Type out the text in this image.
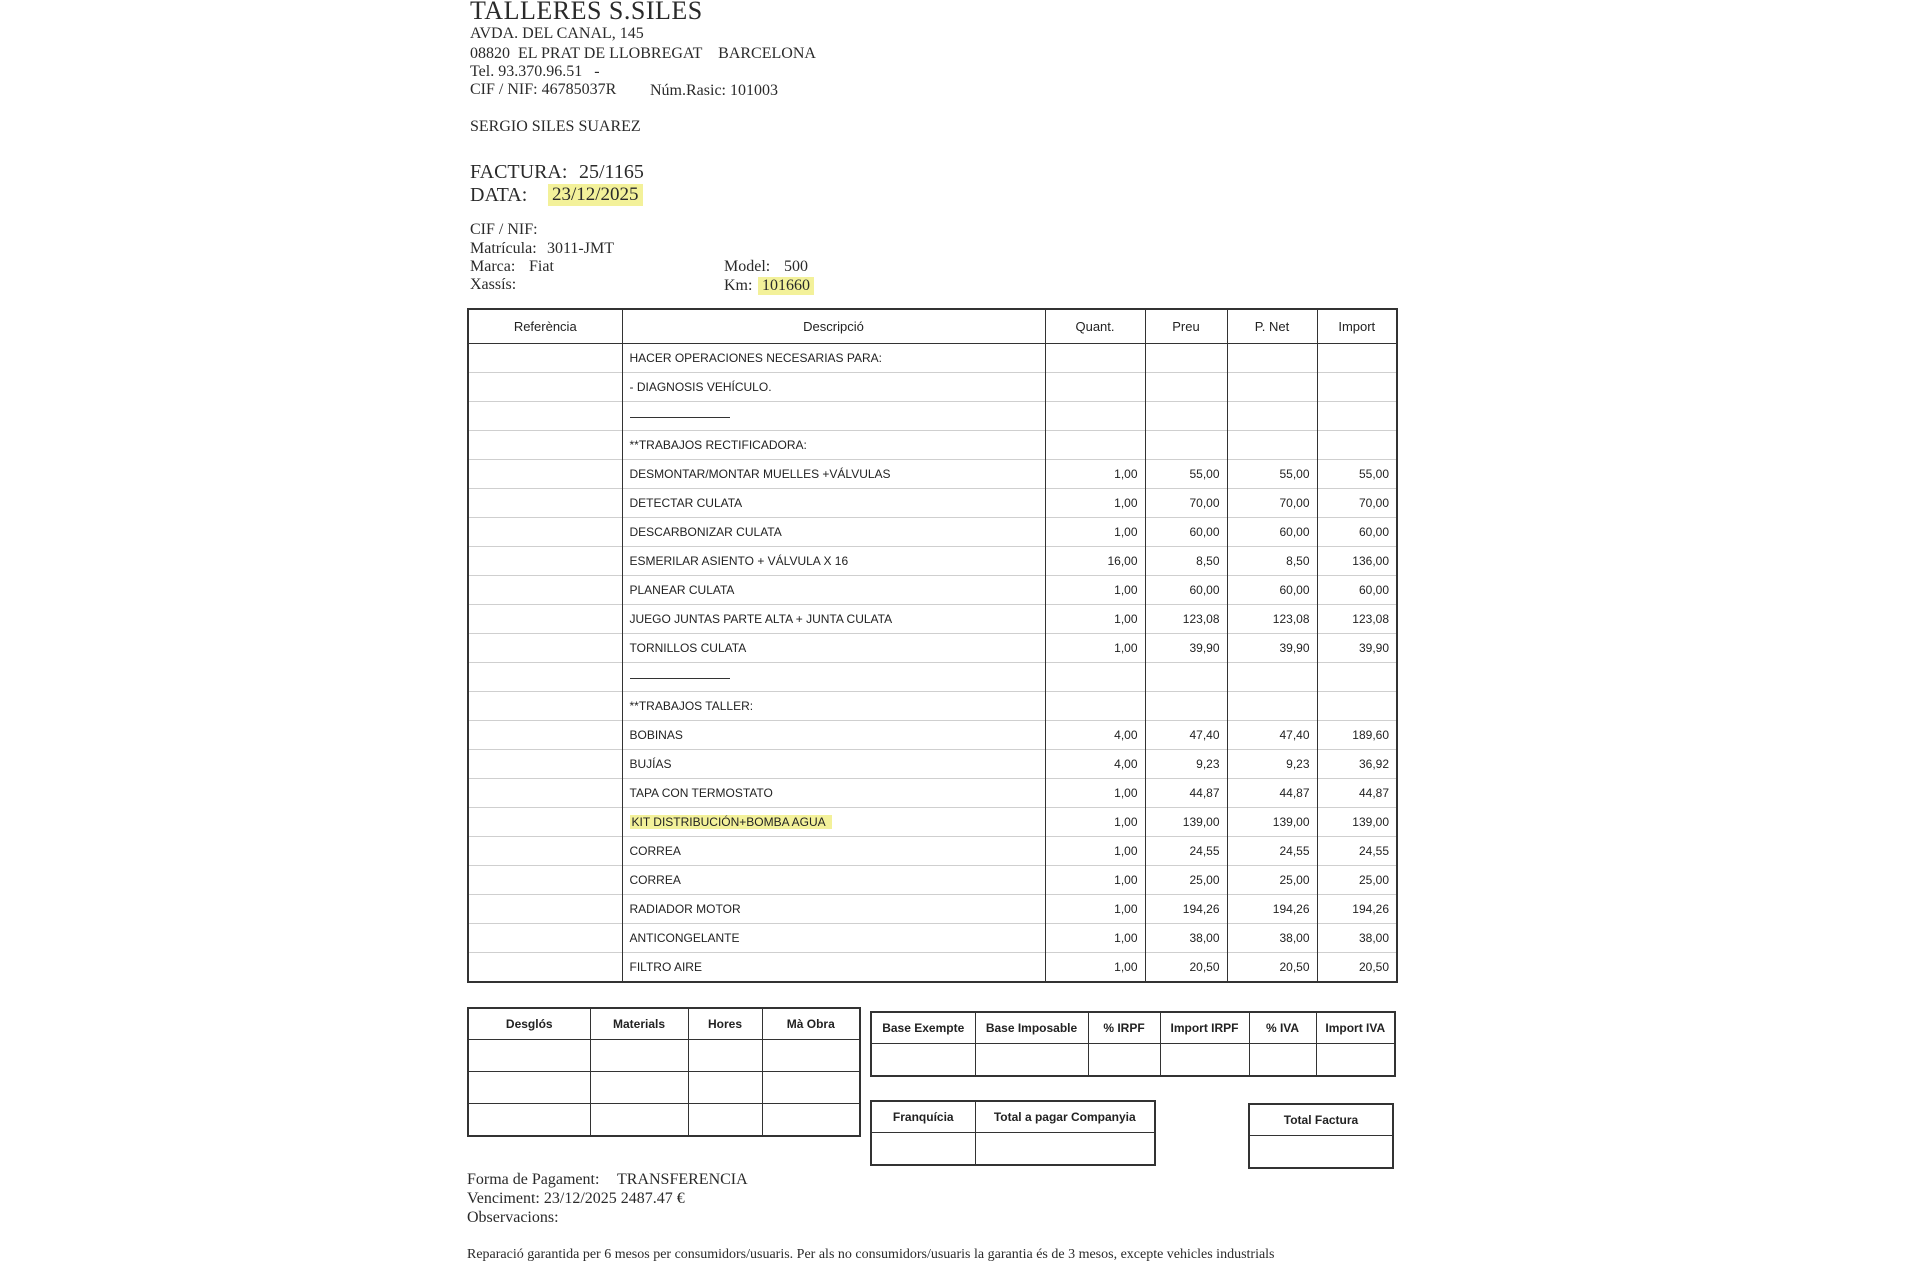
TALLERES S.SILES
AVDA. DEL CANAL, 145
08820  EL PRAT DE LLOBREGAT    BARCELONA
Tel. 93.370.96.51   -
CIF / NIF: 46785037R Núm.Rasic: 101003
SERGIO SILES SUAREZ
FACTURA: 25/1165
DATA: 23/12/2025
CIF / NIF:
Matrícula: 3011-JMT
Marca: Fiat
Xassís:
Model: 500
Km: 101660
Referència	Descripció	Quant.	Preu	P. Net	Import
	HACER OPERACIONES NECESARIAS PARA:				
	- DIAGNOSIS VEHÍCULO.				

	**TRABAJOS RECTIFICADORA:				
	DESMONTAR/MONTAR MUELLES +VÁLVULAS	1,00	55,00	55,00	55,00
	DETECTAR CULATA	1,00	70,00	70,00	70,00
	DESCARBONIZAR CULATA	1,00	60,00	60,00	60,00
	ESMERILAR ASIENTO + VÁLVULA X 16	16,00	8,50	8,50	136,00
	PLANEAR CULATA	1,00	60,00	60,00	60,00
	JUEGO JUNTAS PARTE ALTA + JUNTA CULATA	1,00	123,08	123,08	123,08
	TORNILLOS CULATA	1,00	39,90	39,90	39,90

	**TRABAJOS TALLER:				
	BOBINAS	4,00	47,40	47,40	189,60
	BUJÍAS	4,00	9,23	9,23	36,92
	TAPA CON TERMOSTATO	1,00	44,87	44,87	44,87
	KIT DISTRIBUCIÓN+BOMBA AGUA	1,00	139,00	139,00	139,00
	CORREA	1,00	24,55	24,55	24,55
	CORREA	1,00	25,00	25,00	25,00
	RADIADOR MOTOR	1,00	194,26	194,26	194,26
	ANTICONGELANTE	1,00	38,00	38,00	38,00
	FILTRO AIRE	1,00	20,50	20,50	20,50
Desglós	Materials	Hores	Mà Obra

				Base Exempte	Base Imposable	% IRPF	Import IRPF	% IVA	Import IVA

Franquícia	Total a pagar Companyia
		Total Factura

Forma de Pagament: TRANSFERENCIA
Venciment: 23/12/2025 2487.47 €
Observacions:
Reparació garantida per 6 mesos per consumidors/usuaris. Per als no consumidors/usuaris la garantia és de 3 mesos, excepte vehicles industrials
